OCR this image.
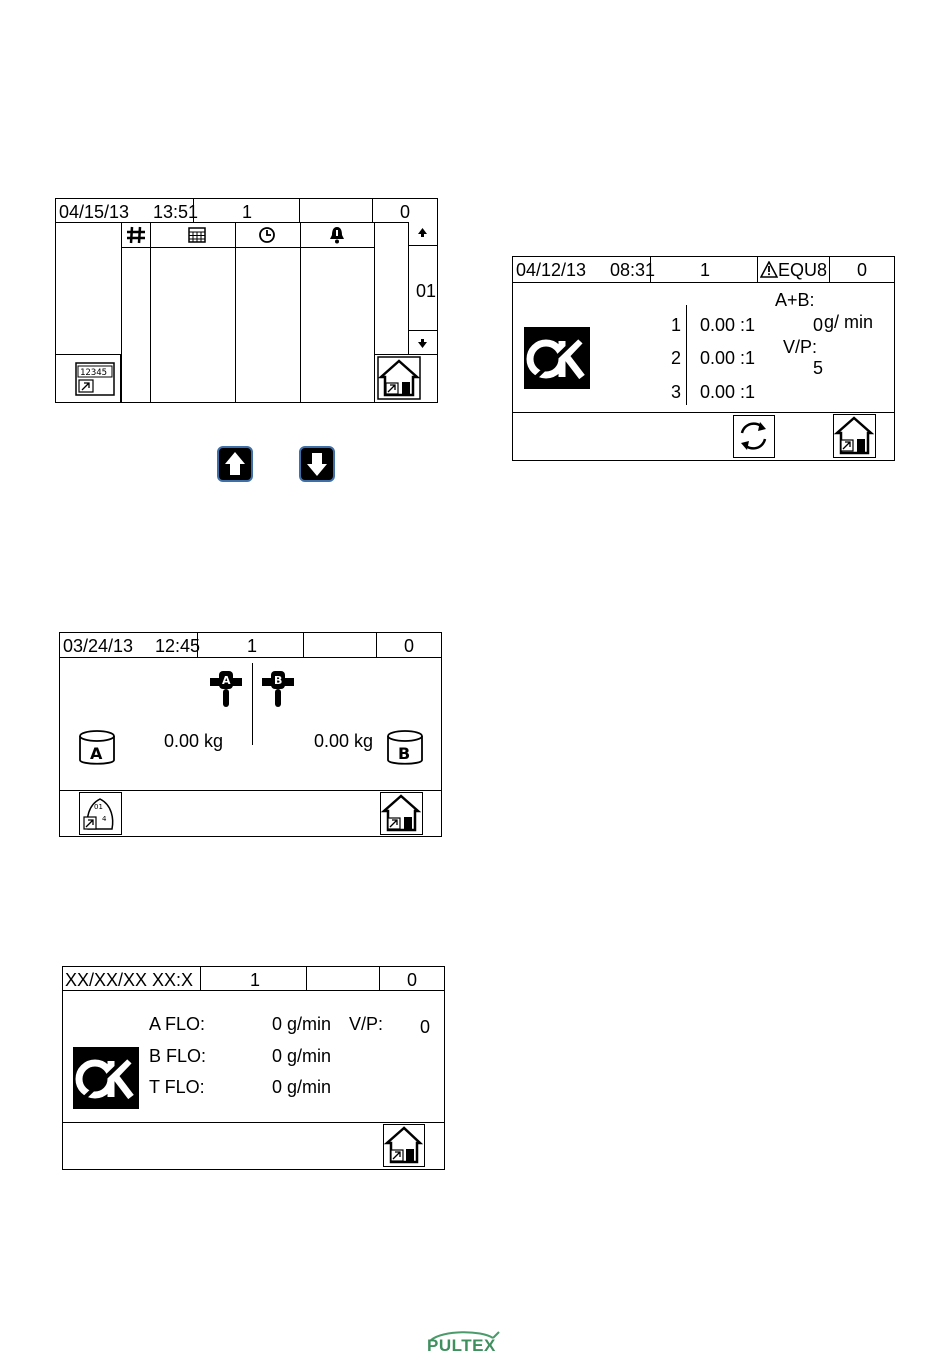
04/15/13 13:51 1	0
01
12345
04/12/13 08:31 1	EQU8 0
1 0.00 :1
2 0.00 :1
3 0.00 :1
A+B:
0 g/ min
V/P:
5
03/24/13 12:45	1	0
A	B
A
0.00 kg	0.00 kg
B
01
4
XX/XX/XX XX:X	1	0
A FLO:	0 g/min V/P: 0
B FLO:	0 g/min
T FLO:	0 g/min
PULTEX
